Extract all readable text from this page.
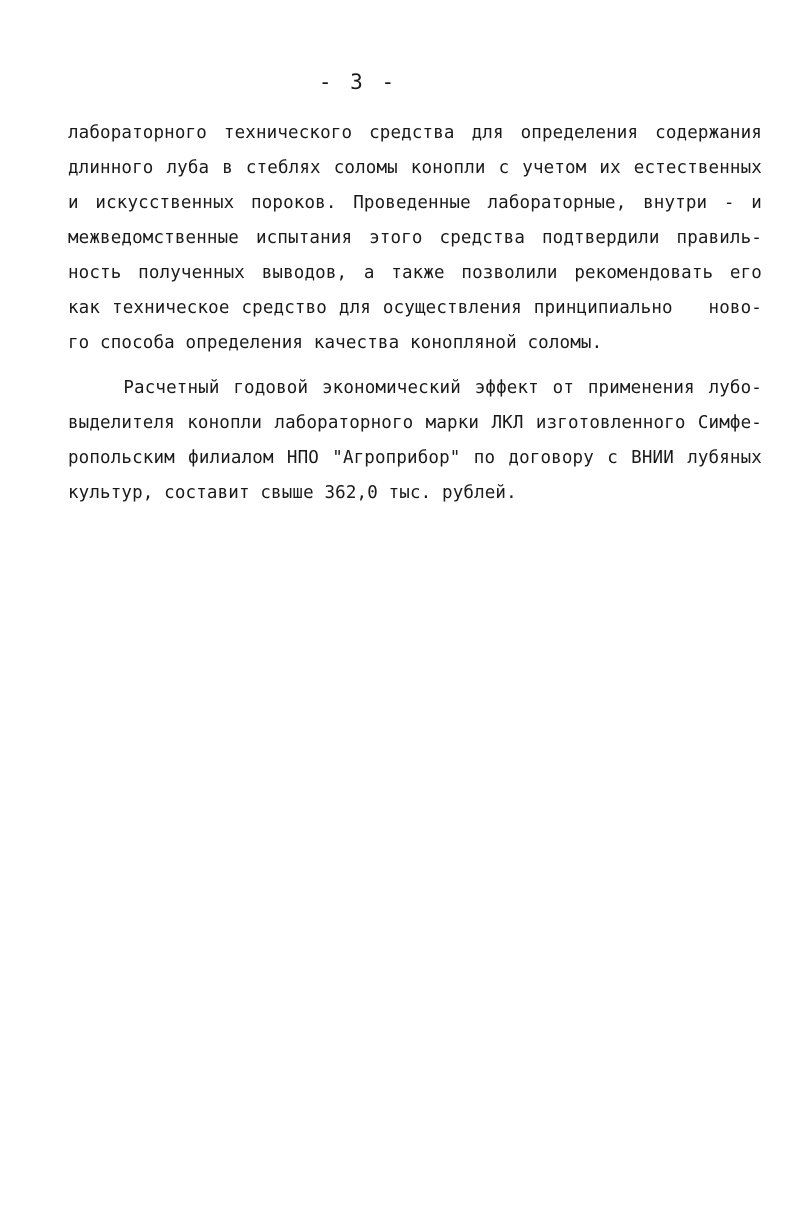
- 3 -
лабораторного технического средства для определения содержания
длинного луба в стеблях соломы конопли с учетом их естественных
и искусственных пороков. Проведенные лабораторные, внутри - и
межведомственные испытания этого средства подтвердили правиль-
ность полученных выводов, а также позволили рекомендовать его
как техническое средство для осуществления принципиально   ново-
го способа определения качества конопляной соломы.
Расчетный годовой экономический эффект от применения лубо-
выделителя конопли лабораторного марки ЛКЛ изготовленного Симфе-
ропольским филиалом НПО "Агроприбор" по договору с ВНИИ лубяных
культур, составит свыше 362,0 тыс. рублей.
